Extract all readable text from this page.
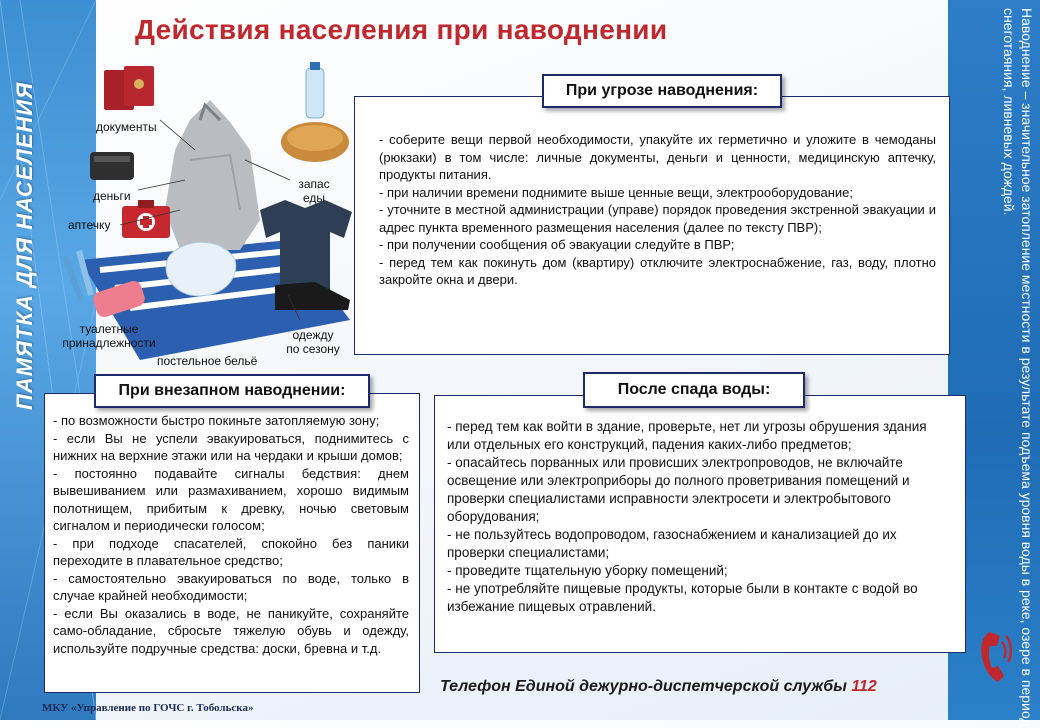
ПАМЯТКА ДЛЯ НАСЕЛЕНИЯ	Наводнение – значительное затопление местности в результате подъема уровня воды в реке, озере в период снеготаяния, ливневых дождей.
Действия населения при наводнении
документы
деньги
аптечку
запас
еды
туалетные
принадлежности
постельное бельё
одежду
по сезону

- соберите вещи первой необходимости, упакуйте их герметично и уложите в чемоданы (рюкзаки) в том числе: личные документы, деньги и ценности, медицинскую аптечку, продукты питания.

- при наличии времени поднимите выше ценные вещи, электрооборудование;

- уточните в местной администрации (управе) порядок проведения экстренной эвакуации и адрес пункта временного размещения населения (далее по тексту ПВР);

- при получении сообщения об эвакуации следуйте в ПВР;

- перед тем как покинуть дом (квартиру) отключите электроснабжение, газ, воду, плотно закройте окна и двери.

При угрозе наводнения:

- по возможности быстро покиньте затопляемую зону;

- если Вы не успели эвакуироваться, поднимитесь с нижних на верхние этажи или на чердаки и крыши домов;

- постоянно подавайте сигналы бедствия: днем вывешиванием или размахиванием, хорошо видимым полотнищем, прибитым к древку, ночью световым сигналом и периодически голосом;

- при подходе спасателей, спокойно без паники переходите в плавательное средство;

- самостоятельно эвакуироваться по воде, только в случае крайней необходимости;

- если Вы оказались в воде, не паникуйте, сохраняйте само-обладание, сбросьте тяжелую обувь и одежду, используйте подручные средства: доски, бревна и т.д.

При внезапном наводнении:

- перед тем как войти в здание, проверьте, нет ли угрозы обрушения здания или отдельных его конструкций, падения каких-либо предметов;

- опасайтесь порванных или провисших электропроводов, не включайте освещение или электроприборы до полного проветривания помещений и проверки специалистами исправности электросети и электробытового оборудования;

- не пользуйтесь водопроводом, газоснабжением и канализацией до их проверки специалистами;

- проведите тщательную уборку помещений;

- не употребляйте пищевые продукты, которые были в контакте с водой во избежание пищевых отравлений.

После спада воды:
Телефон Единой дежурно-диспетчерской службы 112
МКУ «Управление по ГОЧС г. Тобольска»
